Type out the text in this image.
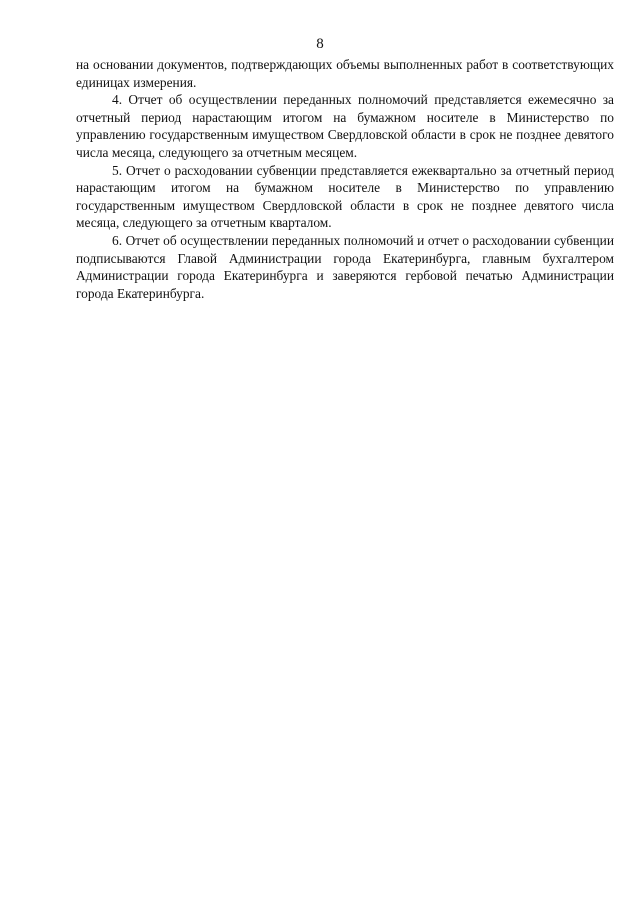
8

на основании документов, подтверждающих объемы выполненных работ в соответствующих единицах измерения.

4. Отчет об осуществлении переданных полномочий представляется ежемесячно за отчетный период нарастающим итогом на бумажном носителе в Министерство по управлению государственным имуществом Свердловской области в срок не позднее девятого числа месяца, следующего за отчетным месяцем.

5. Отчет о расходовании субвенции представляется ежеквартально за отчетный период нарастающим итогом на бумажном носителе в Министерство по управлению государственным имуществом Свердловской области в срок не позднее девятого числа месяца, следующего за отчетным кварталом.

6. Отчет об осуществлении переданных полномочий и отчет о расходовании субвенции подписываются Главой Администрации города Екатеринбурга, главным бухгалтером Администрации города Екатеринбурга и заверяются гербовой печатью Администрации города Екатеринбурга.
